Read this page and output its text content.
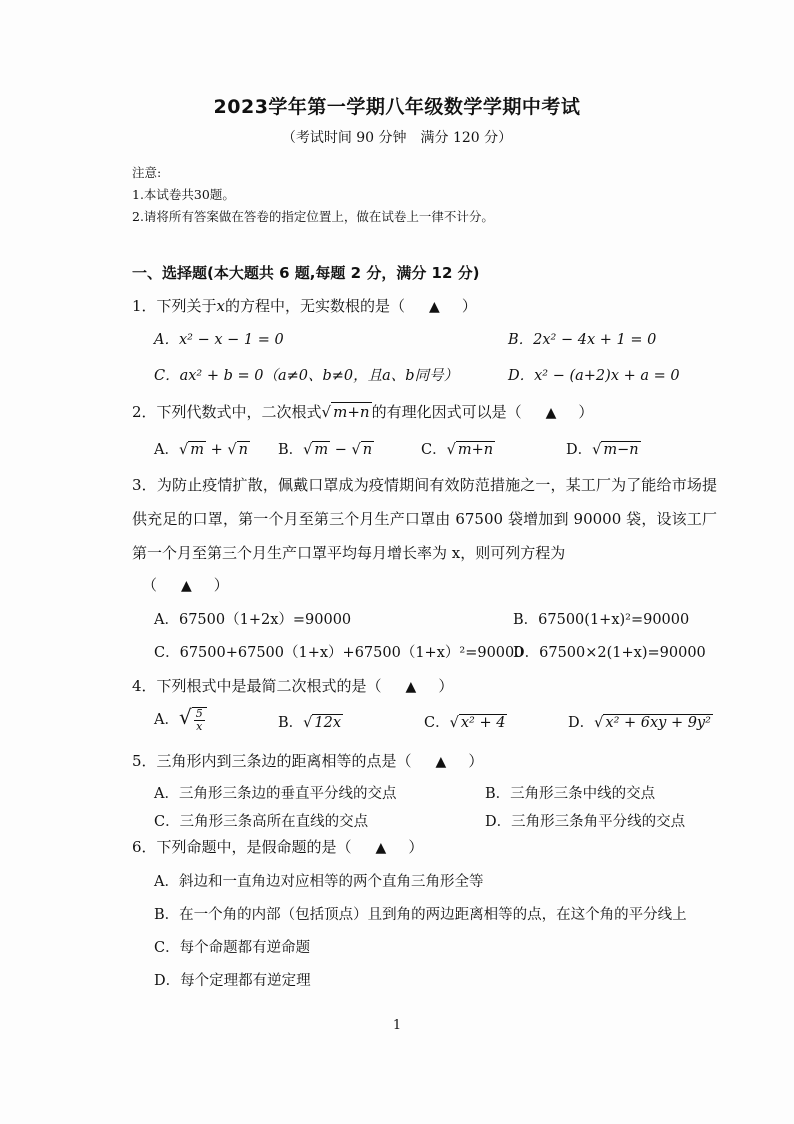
2023学年第一学期八年级数学学期中考试
（考试时间 90 分钟　满分 120 分）
注意:
1.本试卷共30题。
2.请将所有答案做在答卷的指定位置上，做在试卷上一律不计分。
一、选择题(本大题共 6 题,每题 2 分，满分 12 分)
1．下列关于x的方程中，无实数根的是（ ▲ ）
A．x² − x − 1 = 0	B．2x² − 4x + 1 = 0
C．ax² + b = 0（a≠0、b≠0，且a、b同号）	D．x² − (a+2)x + a = 0
2．下列代数式中，二次根式√ m+n 的有理化因式可以是（ ▲ ）
A．√ m + √ n B．√ m − √ n	C．√ m+n	D．√ m−n
3．为防止疫情扩散，佩戴口罩成为疫情期间有效防范措施之一，某工厂为了能给市场提供充足的口罩，第一个月至第三个月生产口罩由 67500 袋增加到 90000 袋，设该工厂第一个月至第三个月生产口罩平均每月增长率为 x，则可列方程为
（ ▲ ）
A．67500（1+2x）=90000	B．67500(1+x)²=90000
C．67500+67500（1+x）+67500（1+x）²=90000
D．67500×2(1+x)=90000
4．下列根式中是最简二次根式的是（ ▲ ）
A．√ $\frac{5}{x}$	B．√ 12x	C．√ x² + 4	D．√ x² + 6xy + 9y²
5．三角形内到三条边的距离相等的点是（ ▲ ）
A．三角形三条边的垂直平分线的交点	B．三角形三条中线的交点
C．三角形三条高所在直线的交点	D．三角形三条角平分线的交点
6．下列命题中，是假命题的是（ ▲ ）
A．斜边和一直角边对应相等的两个直角三角形全等
B．在一个角的内部（包括顶点）且到角的两边距离相等的点，在这个角的平分线上
C．每个命题都有逆命题
D．每个定理都有逆定理
1
